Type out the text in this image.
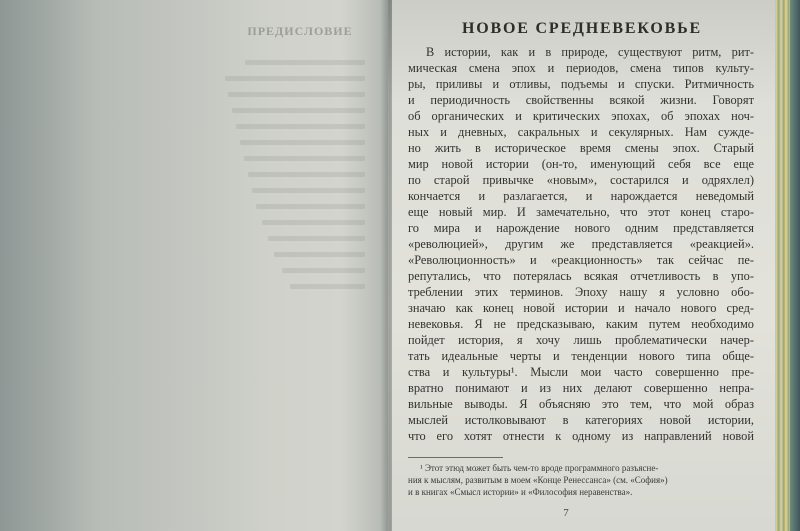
ПРЕДИСЛОВИЕ	НОВОЕ СРЕДНЕВЕКОВЬЕ
В истории, как и в природе, существуют ритм, рит-
мическая смена эпох и периодов, смена типов культу-
ры, приливы и отливы, подъемы и спуски. Ритмичность
и периодичность свойственны всякой жизни. Говорят
об органических и критических эпохах, об эпохах ноч-
ных и дневных, сакральных и секулярных. Нам сужде-
но жить в историческое время смены эпох. Старый
мир новой истории (он-то, именующий себя все еще
по старой привычке «новым», состарился и одряхлел)
кончается и разлагается, и нарождается неведомый
еще новый мир. И замечательно, что этот конец старо-
го мира и нарождение нового одним представляется
«революцией», другим же представляется «реакцией».
«Революционность» и «реакционность» так сейчас пе-
репутались, что потерялась всякая отчетливость в упо-
треблении этих терминов. Эпоху нашу я условно обо-
значаю как конец новой истории и начало новoго сред-
невековья. Я не предсказываю, каким путем необходимо
пойдет история, я хочу лишь проблематически начер-
тать идеальные черты и тенденции нового типа обще-
ства и культуры¹. Мысли мои часто совершенно пре-
вратно понимают и из них делают совершенно непра-
вильные выводы. Я объясняю это тем, что мой образ
мыслей истолковывают в категориях новой истории,
что его хотят отнести к одному из направлений новой
¹ Этот этюд может быть чем-то вроде программного разъясне-
ния к мыслям, развитым в моем «Конце Ренессанса» (см. «София»)
и в книгах «Смысл истории» и «Философия неравенства».
7
